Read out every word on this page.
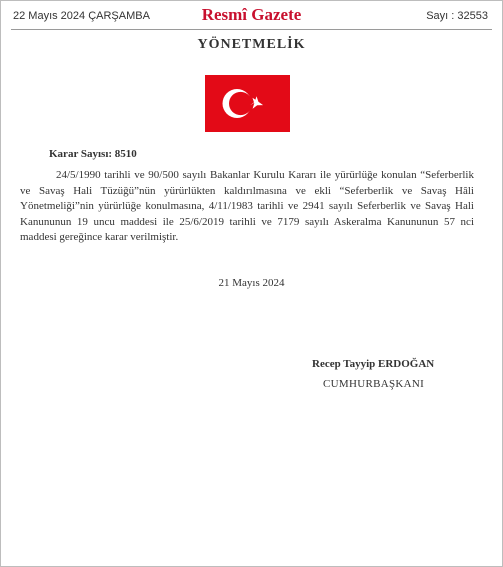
22 Mayıs 2024 ÇARŞAMBA	Resmî Gazete	Sayı : 32553
YÖNETMELİK
Karar Sayısı: 8510

24/5/1990 tarihli ve 90/500 sayılı Bakanlar Kurulu Kararı ile yürürlüğe konulan “Seferberlik ve Savaş Hali Tüzüğü”nün yürürlükten kaldırılmasına ve ekli “Seferberlik ve Savaş Hâli Yönetmeliği”nin yürürlüğe konulmasına, 4/11/1983 tarihli ve 2941 sayılı Seferberlik ve Savaş Hali Kanununun 19 uncu maddesi ile 25/6/2019 tarihli ve 7179 sayılı Askeralma Kanununun 57 nci maddesi gereğince karar verilmiştir.

21 Mayıs 2024
Recep Tayyip ERDOĞAN
CUMHURBAŞKANI
